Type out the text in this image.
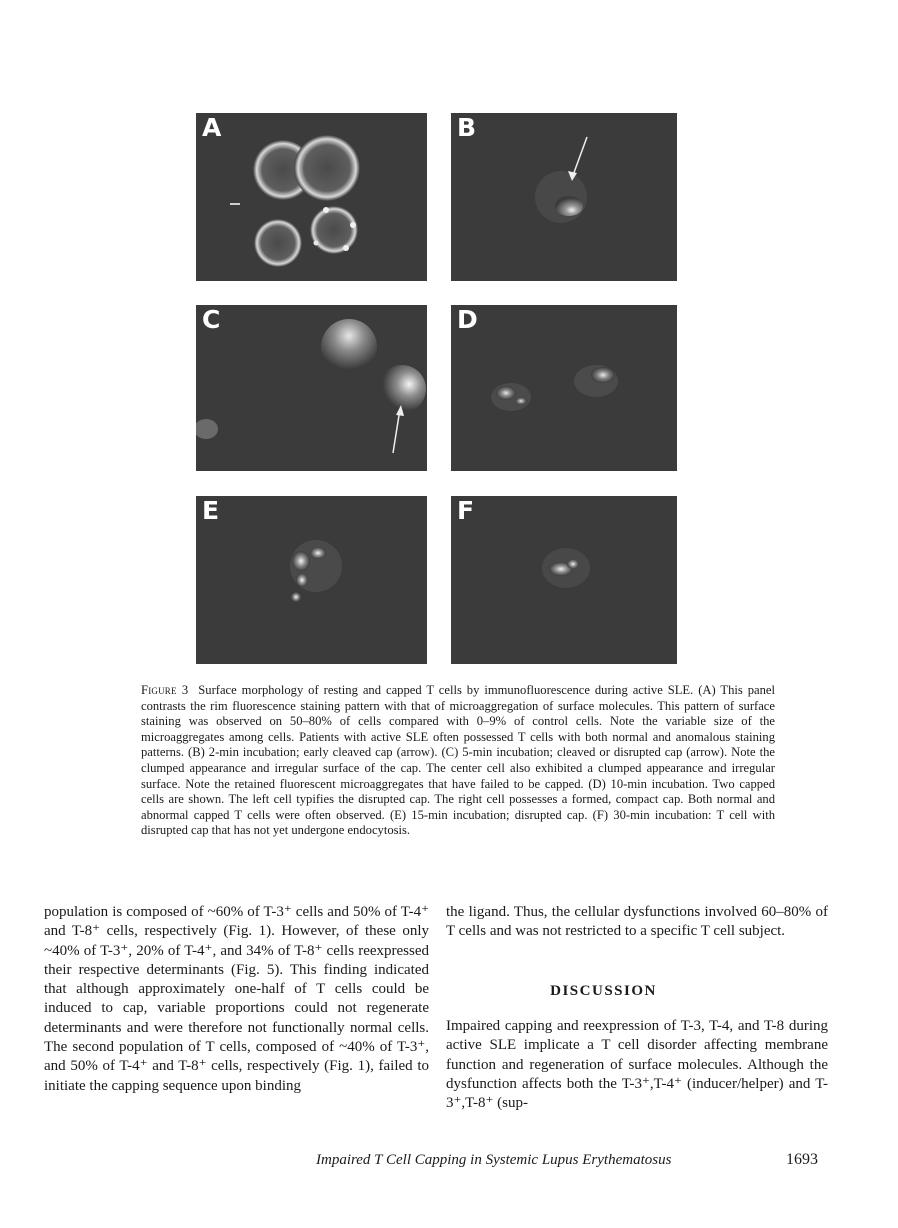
A	B
C	D
E	F

Figure 3 Surface morphology of resting and capped T cells by immunofluorescence during active SLE. (A) This panel contrasts the rim fluorescence staining pattern with that of microaggregation of surface molecules. This pattern of surface staining was observed on 50–80% of cells compared with 0–9% of control cells. Note the variable size of the microaggregates among cells. Patients with active SLE often possessed T cells with both normal and anomalous staining patterns. (B) 2-min incubation; early cleaved cap (arrow). (C) 5-min incubation; cleaved or disrupted cap (arrow). Note the clumped appearance and irregular surface of the cap. The center cell also exhibited a clumped appearance and irregular surface. Note the retained fluorescent microaggregates that have failed to be capped. (D) 10-min incubation. Two capped cells are shown. The left cell typifies the disrupted cap. The right cell possesses a formed, compact cap. Both normal and abnormal capped T cells were often observed. (E) 15-min incubation; disrupted cap. (F) 30-min incubation: T cell with disrupted cap that has not yet undergone endocytosis.

population is composed of ~60% of T-3⁺ cells and 50% of T-4⁺ and T-8⁺ cells, respectively (Fig. 1). However, of these only ~40% of T-3⁺, 20% of T-4⁺, and 34% of T-8⁺ cells reexpressed their respective determinants (Fig. 5). This finding indicated that although approximately one-half of T cells could be induced to cap, variable proportions could not regenerate determinants and were therefore not functionally normal cells. The second population of T cells, composed of ~40% of T-3⁺, and 50% of T-4⁺ and T-8⁺ cells, respectively (Fig. 1), failed to initiate the capping sequence upon binding

the ligand. Thus, the cellular dysfunctions involved 60–80% of T cells and was not restricted to a specific T cell subject.

DISCUSSION

Impaired capping and reexpression of T-3, T-4, and T-8 during active SLE implicate a T cell disorder affecting membrane function and regeneration of surface molecules. Although the dysfunction affects both the T-3⁺,T-4⁺ (inducer/helper) and T-3⁺,T-8⁺ (sup-

Impaired T Cell Capping in Systemic Lupus Erythematosus	1693
